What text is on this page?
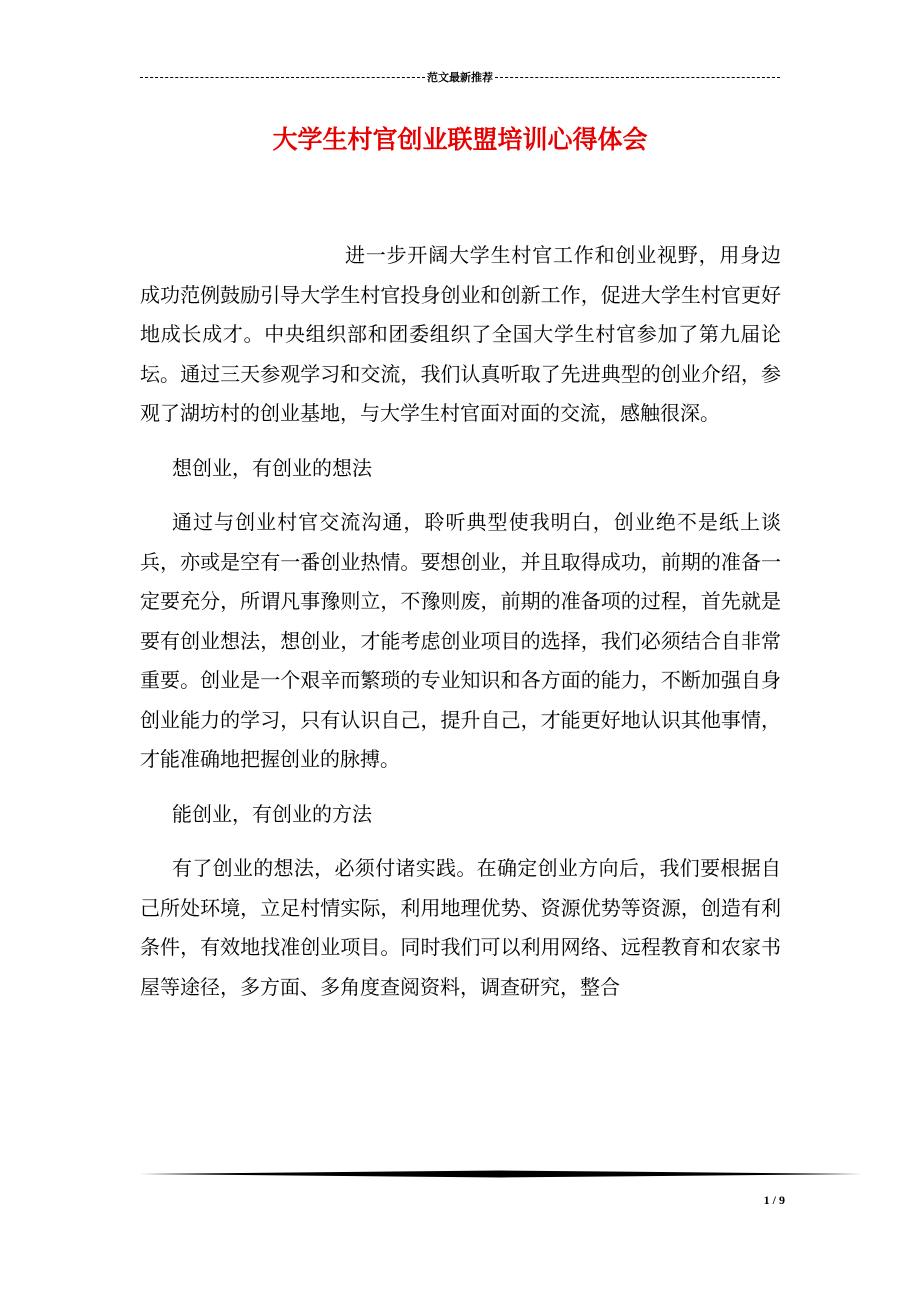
范文最新推荐
大学生村官创业联盟培训心得体会

进一步开阔大学生村官工作和创业视野，用身边成功范例鼓励引导大学生村官投身创业和创新工作，促进大学生村官更好地成长成才。中央组织部和团委组织了全国大学生村官参加了第九届论坛。通过三天参观学习和交流，我们认真听取了先进典型的创业介绍，参观了湖坊村的创业基地，与大学生村官面对面的交流，感触很深。

想创业，有创业的想法

通过与创业村官交流沟通，聆听典型使我明白，创业绝不是纸上谈兵，亦或是空有一番创业热情。要想创业，并且取得成功，前期的准备一定要充分，所谓凡事豫则立，不豫则废，前期的准备项的过程，首先就是要有创业想法，想创业，才能考虑创业项目的选择，我们必须结合自非常重要。创业是一个艰辛而繁琐的专业知识和各方面的能力，不断加强自身创业能力的学习，只有认识自己，提升自己，才能更好地认识其他事情，才能准确地把握创业的脉搏。

能创业，有创业的方法

有了创业的想法，必须付诸实践。在确定创业方向后，我们要根据自己所处环境，立足村情实际，利用地理优势、资源优势等资源，创造有利条件，有效地找准创业项目。同时我们可以利用网络、远程教育和农家书屋等途径，多方面、多角度查阅资料，调查研究，整合

1 / 9
